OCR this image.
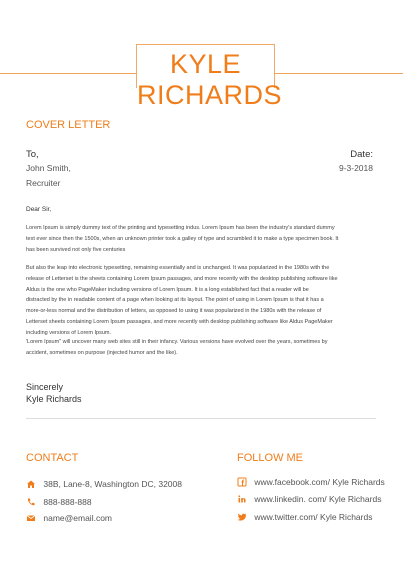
KYLE
RICHARDS
COVER LETTER
To,
John Smith,
Recruiter
Date:
9-3-2018
Dear Sir,
Lorem Ipsum is simply dummy text of the printing and typesetting indus. Lorem Ipsum has been the industry's standard dummy
text ever since then the 1500s, when an unknown printer took a galley of type and scrambled it to make a type specimen book. It
has been survived not only five centuries
But also the leap into electronic typesetting, remaining essentially and is unchanged. It was popularized in the 1980s with the
release of Letterset is the sheets containing Lorem Ipsum passages, and more recently with the desktop publishing software like
Aldus is the one who PageMaker including versions of Lorem Ipsum. It is a long established fact that a reader will be
distracted by the in readable content of a page when looking at its layout. The point of using in Lorem Ipsum is that it has a
more-or-less normal and the distribution of letters, as opposed to using it was popularized in the 1980s with the release of
Letterset sheets containing Lorem Ipsum passages, and more recently with desktop publishing software like Aldus PageMaker
including versions of Lorem Ipsum.
'Lorem Ipsum" will uncover many web sites still in their infancy. Various versions have evolved over the years, sometimes by
accident, sometimes on purpose (injected humor and the like).
Sincerely
Kyle Richards
CONTACT
38B, Lane-8, Washington DC, 32008
888-888-888
name@email.com
FOLLOW ME
www.facebook.com/ Kyle Richards
www.linkedin. com/ Kyle Richards
www.twitter.com/ Kyle Richards
